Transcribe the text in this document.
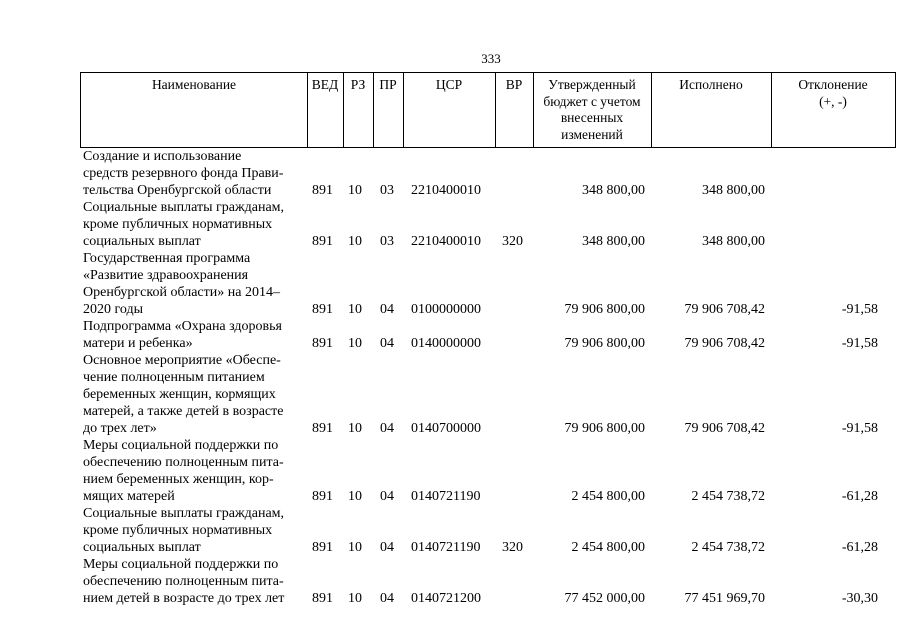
333
Наименование	ВЕД РЗ	ПР	ЦСР	ВР	Утвержденный
бюджет с учетом
внесенных
изменений
Исполнено	Отклонение
(+, -)
Создание и использование
средств резервного фонда Прави-
тельства Оренбургской области	891 10 03 2210400010	348 800,00	348 800,00
Социальные выплаты гражданам,
кроме публичных нормативных
социальных выплат	891 10 03 2210400010 320	348 800,00	348 800,00
Государственная программа
«Развитие здравоохранения
Оренбургской области» на 2014–
2020 годы	891 10 04 0100000000	79 906 800,00	79 906 708,42	-91,58
Подпрограмма «Охрана здоровья
матери и ребенка»	891 10 04 0140000000	79 906 800,00	79 906 708,42	-91,58
Основное мероприятие «Обеспе-
чение полноценным питанием
беременных женщин, кормящих
матерей, а также детей в возрасте
до трех лет»	891 10 04 0140700000	79 906 800,00	79 906 708,42	-91,58
Меры социальной поддержки по
обеспечению полноценным пита-
нием беременных женщин, кор-
мящих матерей	891 10 04 0140721190	2 454 800,00	2 454 738,72	-61,28
Социальные выплаты гражданам,
кроме публичных нормативных
социальных выплат	891 10 04 0140721190 320	2 454 800,00	2 454 738,72	-61,28
Меры социальной поддержки по
обеспечению полноценным пита-
нием детей в возрасте до трех лет	891 10 04 0140721200	77 452 000,00	77 451 969,70	-30,30
